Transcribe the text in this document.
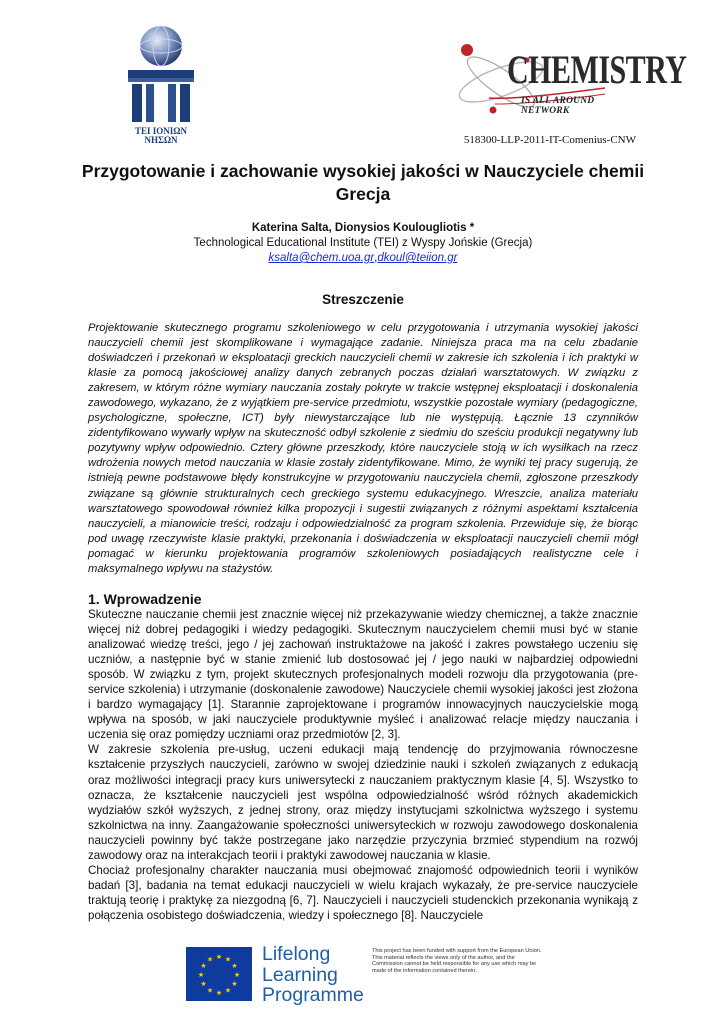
ΤΕΙ ΙΟΝΙΩΝ ΝΗΣΩΝ
CHEMISTRY
IS ALL AROUND NETWORK
518300-LLP-2011-IT-Comenius-CNW
Przygotowanie i zachowanie wysokiej jakości w Nauczyciele chemii Grecja
Katerina Salta, Dionysios Koulougliotis *
Technological Educational Institute (TEI) z Wyspy Jońskie (Grecja)
ksalta@chem.uoa.gr,dkoul@teiion.gr
Streszczenie
Projektowanie skutecznego programu szkoleniowego w celu przygotowania i utrzymania wysokiej jakości nauczycieli chemii jest skomplikowane i wymagające zadanie. Niniejsza praca ma na celu zbadanie doświadczeń i przekonań w eksploatacji greckich nauczycieli chemii w zakresie ich szkolenia i ich praktyki w klasie za pomocą jakościowej analizy danych zebranych poczas działań warsztatowych. W związku z zakresem, w którym różne wymiary nauczania zostały pokryte w trakcie wstępnej eksploatacji i doskonalenia zawodowego, wykazano, że z wyjątkiem pre-service przedmiotu, wszystkie pozostałe wymiary (pedagogiczne, psychologiczne, społeczne, ICT) były niewystarczające lub nie występują. Łącznie 13 czynników zidentyfikowano wywarły wpływ na skuteczność odbył szkolenie z siedmiu do sześciu produkcji negatywny lub pozytywny wpływ odpowiednio. Cztery główne przeszkody, które nauczyciele stoją w ich wysiłkach na rzecz wdrożenia nowych metod nauczania w klasie zostały zidentyfikowane. Mimo, że wyniki tej pracy sugerują, że istnieją pewne podstawowe błędy konstrukcyjne w przygotowaniu nauczyciela chemii, zgłoszone przeszkody związane są głównie strukturalnych cech greckiego systemu edukacyjnego. Wreszcie, analiza materiału warsztatowego spowodował również kilka propozycji i sugestii związanych z różnymi aspektami kształcenia nauczycieli, a mianowicie treści, rodzaju i odpowiedzialność za program szkolenia. Przewiduje się, że biorąc pod uwagę rzeczywiste klasie praktyki, przekonania i doświadczenia w eksploatacji nauczycieli chemii mógł pomagać w kierunku projektowania programów szkoleniowych posiadających realistyczne cele i maksymalnego wpływu na stażystów.
1. Wprowadzenie

Skuteczne nauczanie chemii jest znacznie więcej niż przekazywanie wiedzy chemicznej, a także znacznie więcej niż dobrej pedagogiki i wiedzy pedagogiki. Skutecznym nauczycielem chemii musi być w stanie analizować wiedzę treści, jego / jej zachowań instruktażowe na jakość i zakres powstałego uczeniu się uczniów, a następnie być w stanie zmienić lub dostosować jej / jego nauki w najbardziej odpowiedni sposób. W związku z tym, projekt skutecznych profesjonalnych modeli rozwoju dla przygotowania (pre-service szkolenia) i utrzymanie (doskonalenie zawodowe) Nauczyciele chemii wysokiej jakości jest złożona i bardzo wymagający [1]. Starannie zaprojektowane i programów innowacyjnych nauczycielskie mogą wpływa na sposób, w jaki nauczyciele produktywnie myśleć i analizować relacje między nauczania i uczenia się oraz pomiędzy uczniami oraz przedmiotów [2, 3].

W zakresie szkolenia pre-usług, uczeni edukacji mają tendencję do przyjmowania równoczesne kształcenie przyszłych nauczycieli, zarówno w swojej dziedzinie nauki i szkoleń związanych z edukacją oraz możliwości integracji pracy kurs uniwersytecki z nauczaniem praktycznym klasie [4, 5]. Wszystko to oznacza, że kształcenie nauczycieli jest wspólna odpowiedzialność wśród różnych akademickich wydziałów szkół wyższych, z jednej strony, oraz między instytucjami szkolnictwa wyższego i systemu szkolnictwa na inny. Zaangażowanie społeczności uniwersyteckich w rozwoju zawodowego doskonalenia nauczycieli powinny być także postrzegane jako narzędzie przyczynia brzmieć stypendium na rozwój zawodowy oraz na interakcjach teorii i praktyki zawodowej nauczania w klasie.

Chociaż profesjonalny charakter nauczania musi obejmować znajomość odpowiednich teorii i wyników badań [3], badania na temat edukacji nauczycieli w wielu krajach wykazały, że pre-service nauczyciele traktują teorię i praktykę za niezgodną [6, 7]. Nauczycieli i nauczycieli studenckich przekonania wynikają z połączenia osobistego doświadczenia, wiedzy i społecznego [8]. Nauczyciele

★ ★
★
★
★
★
★
★
★
★
★
★	Lifelong
Learning
Programme
This project has been funded with support from the European Union. This material reflects the views only of the author, and the Commission cannot be held responsible for any use which may be made of the information contained therein.
